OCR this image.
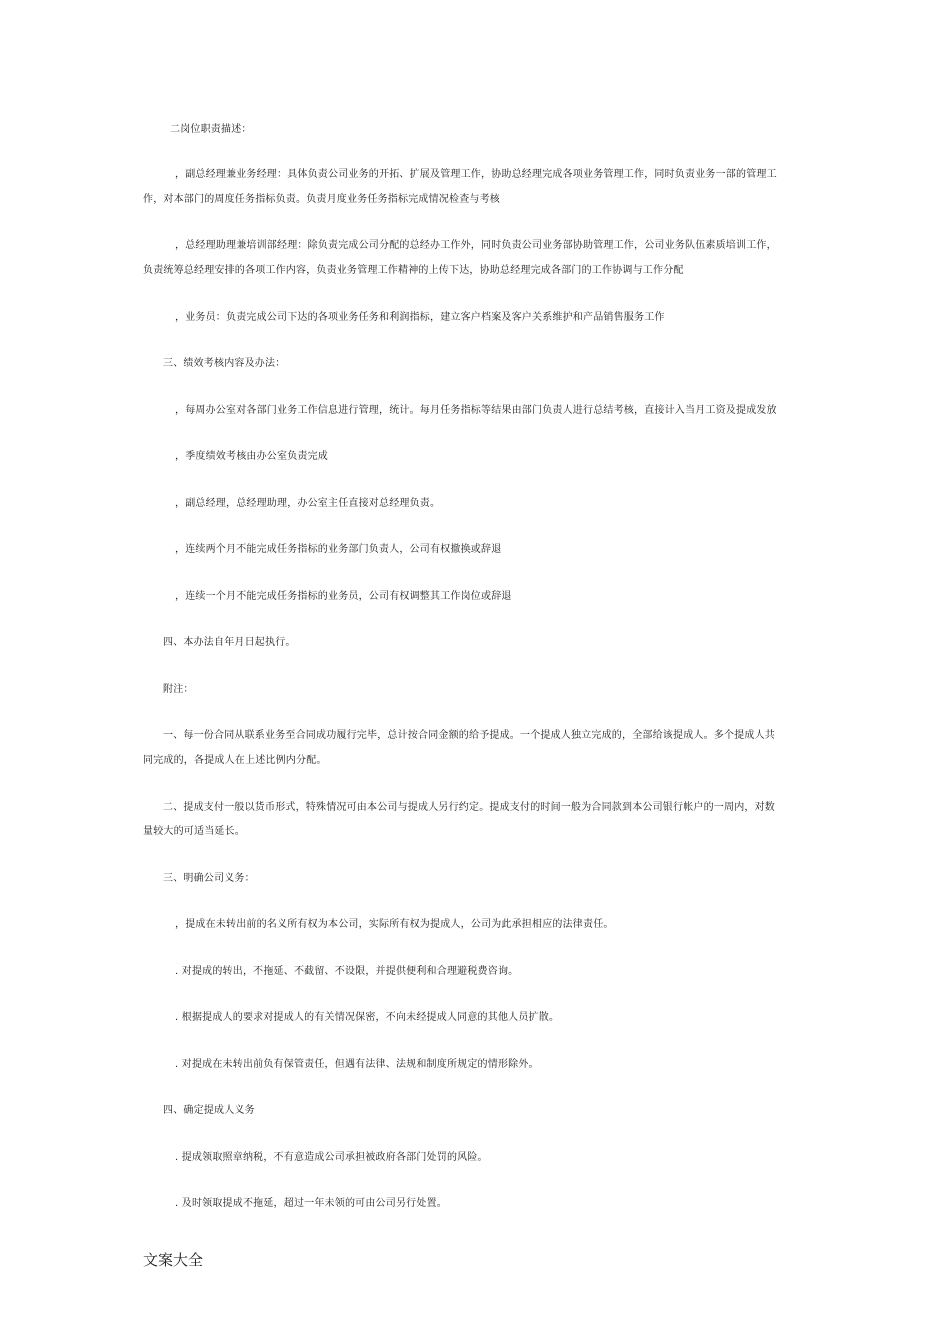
二岗位职责描述：
，副总经理兼业务经理：具体负责公司业务的开拓、扩展及管理工作，协助总经理完成各项业务管理工作，同时负责业务一部的管理工
作，对本部门的周度任务指标负责。负责月度业务任务指标完成情况检查与考核
，总经理助理兼培训部经理：除负责完成公司分配的总经办工作外，同时负责公司业务部协助管理工作，公司业务队伍素质培训工作，
负责统筹总经理安排的各项工作内容，负责业务管理工作精神的上传下达，协助总经理完成各部门的工作协调与工作分配
，业务员：负责完成公司下达的各项业务任务和利润指标，建立客户档案及客户关系维护和产品销售服务工作
三、绩效考核内容及办法：
，每周办公室对各部门业务工作信息进行管理，统计。每月任务指标等结果由部门负责人进行总结考核，直接计入当月工资及提成发放
，季度绩效考核由办公室负责完成
，副总经理，总经理助理，办公室主任直接对总经理负责。
，连续两个月不能完成任务指标的业务部门负责人，公司有权撤换或辞退
，连续一个月不能完成任务指标的业务员，公司有权调整其工作岗位或辞退
四、本办法自年月日起执行。
附注：
一、每一份合同从联系业务至合同成功履行完毕，总计按合同金额的给予提成。一个提成人独立完成的，全部给该提成人。多个提成人共
同完成的，各提成人在上述比例内分配。
二、提成支付一般以货币形式，特殊情况可由本公司与提成人另行约定。提成支付的时间一般为合同款到本公司银行帐户的一周内，对数
量较大的可适当延长。
三、明确公司义务：
，提成在未转出前的名义所有权为本公司，实际所有权为提成人，公司为此承担相应的法律责任。
. 对提成的转出，不拖延、不截留、不设限，并提供便利和合理避税费咨询。
. 根据提成人的要求对提成人的有关情况保密，不向未经提成人同意的其他人员扩散。
. 对提成在未转出前负有保管责任，但遇有法律、法规和制度所规定的情形除外。
四、确定提成人义务
. 提成领取照章纳税，不有意造成公司承担被政府各部门处罚的风险。
. 及时领取提成不拖延，超过一年未领的可由公司另行处置。
文案大全
